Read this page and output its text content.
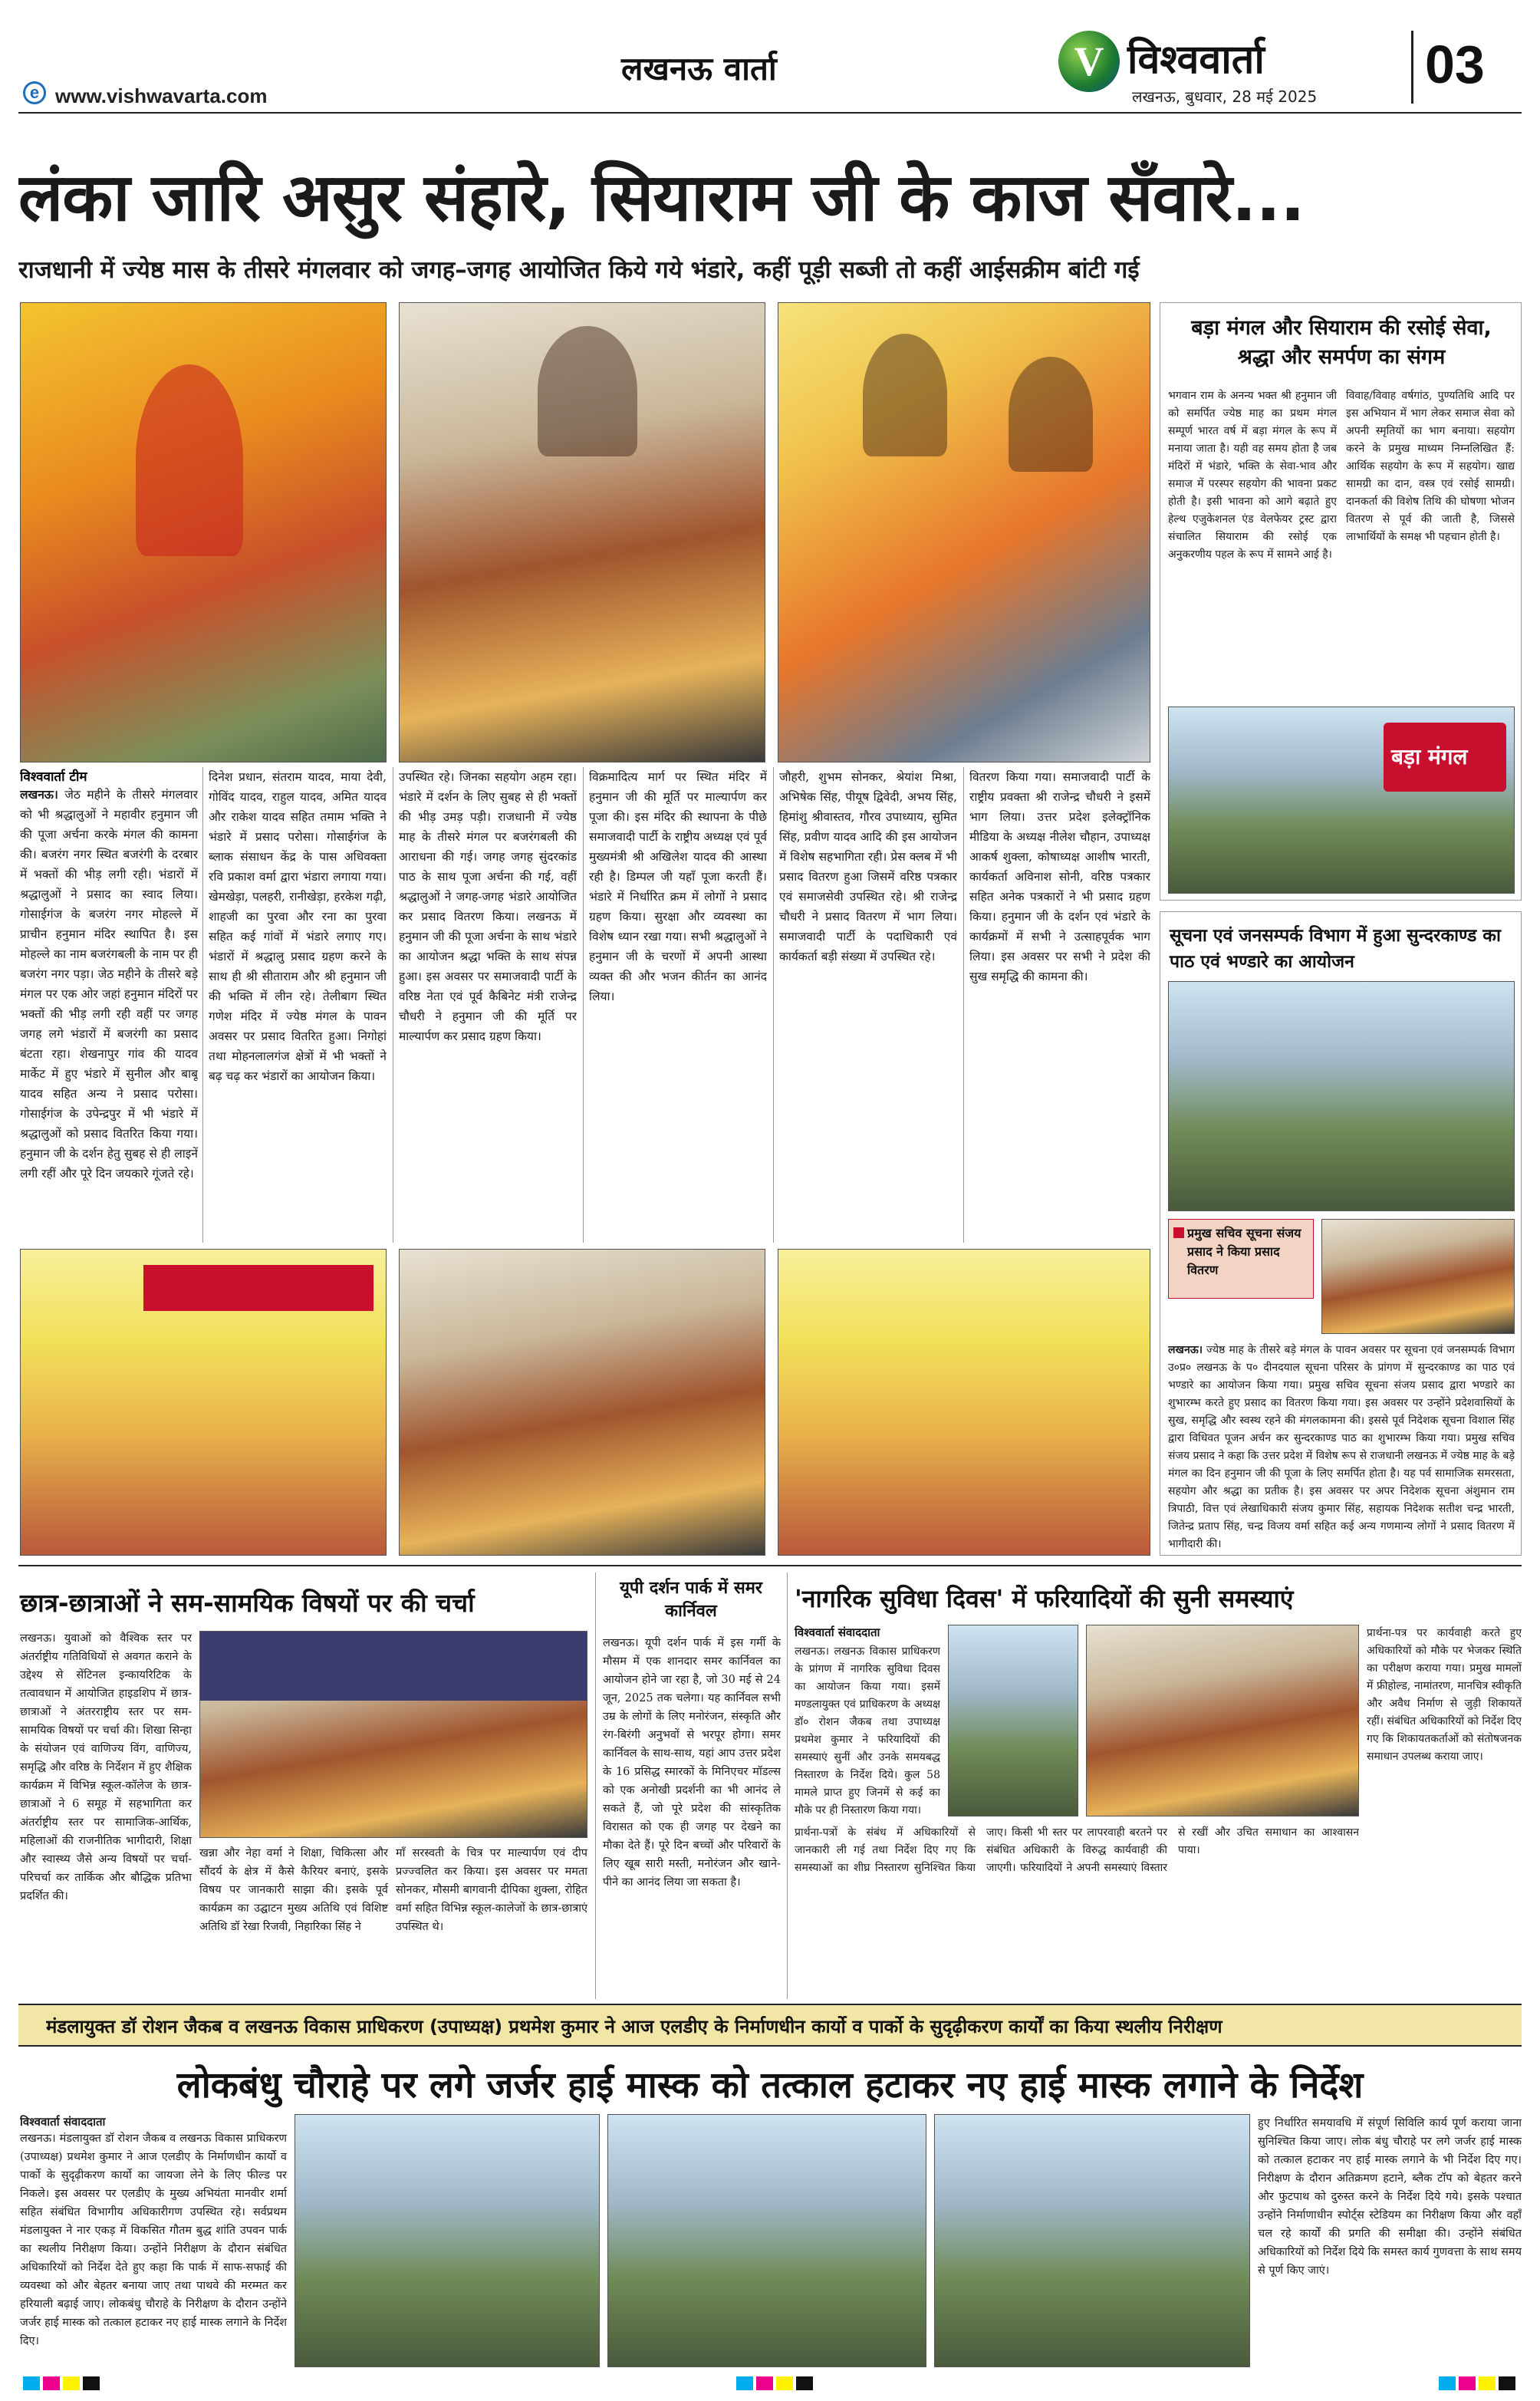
e www.vishwavarta.com
लखनऊ वार्ता	V विश्ववार्ता
लखनऊ, बुधवार, 28 मई 2025
03
लंका जारि असुर संहारे, सियाराम जी के काज सँवारे...
राजधानी में ज्येष्ठ मास के तीसरे मंगलवार को जगह–जगह आयोजित किये गये भंडारे, कहीं पूड़ी सब्जी तो कहीं आईसक्रीम बांटी गई
विश्ववार्ता टीम
लखनऊ। जेठ महीने के तीसरे मंगलवार को भी श्रद्धालुओं ने महावीर हनुमान जी की पूजा अर्चना करके मंगल की कामना की। बजरंग नगर स्थित बजरंगी के दरबार में भक्तों की भीड़ लगी रही। भंडारों में श्रद्धालुओं ने प्रसाद का स्वाद लिया। गोसाईगंज के बजरंग नगर मोहल्ले में प्राचीन हनुमान मंदिर स्थापित है। इस मोहल्ले का नाम बजरंगबली के नाम पर ही बजरंग नगर पड़ा। जेठ महीने के तीसरे बड़े मंगल पर एक ओर जहां हनुमान मंदिरों पर भक्तों की भीड़ लगी रही वहीं पर जगह जगह लगे भंडारों में बजरंगी का प्रसाद बंटता रहा। शेखनापुर गांव की यादव मार्केट में हुए भंडारे में सुनील और बाबू यादव सहित अन्य ने प्रसाद परोसा। गोसाईगंज के उपेन्द्रपुर में भी भंडारे में श्रद्धालुओं को प्रसाद वितरित किया गया। हनुमान जी के दर्शन हेतु सुबह से ही लाइनें लगी रहीं और पूरे दिन जयकारे गूंजते रहे।
दिनेश प्रधान, संतराम यादव, माया देवी, गोविंद यादव, राहुल यादव, अमित यादव और राकेश यादव सहित तमाम भक्ति ने भंडारे में प्रसाद परोसा। गोसाईगंज के ब्लाक संसाधन केंद्र के पास अधिवक्ता रवि प्रकाश वर्मा द्वारा भंडारा लगाया गया। खेमखेड़ा, पलहरी, रानीखेड़ा, हरकेश गढ़ी, शाहजी का पुरवा और रना का पुरवा सहित कई गांवों में भंडारे लगाए गए। भंडारों में श्रद्धालु प्रसाद ग्रहण करने के साथ ही श्री सीताराम और श्री हनुमान जी की भक्ति में लीन रहे। तेलीबाग स्थित गणेश मंदिर में ज्येष्ठ मंगल के पावन अवसर पर प्रसाद वितरित हुआ। निगोहां तथा मोहनलालगंज क्षेत्रों में भी भक्तों ने बढ़ चढ़ कर भंडारों का आयोजन किया।
उपस्थित रहे। जिनका सहयोग अहम रहा। भंडारे में दर्शन के लिए सुबह से ही भक्तों की भीड़ उमड़ पड़ी। राजधानी में ज्येष्ठ माह के तीसरे मंगल पर बजरंगबली की आराधना की गई। जगह जगह सुंदरकांड पाठ के साथ पूजा अर्चना की गई, वहीं श्रद्धालुओं ने जगह-जगह भंडारे आयोजित कर प्रसाद वितरण किया। लखनऊ में हनुमान जी की पूजा अर्चना के साथ भंडारे का आयोजन श्रद्धा भक्ति के साथ संपन्न हुआ। इस अवसर पर समाजवादी पार्टी के वरिष्ठ नेता एवं पूर्व कैबिनेट मंत्री राजेन्द्र चौधरी ने हनुमान जी की मूर्ति पर माल्यार्पण कर प्रसाद ग्रहण किया।
विक्रमादित्य मार्ग पर स्थित मंदिर में हनुमान जी की मूर्ति पर माल्यार्पण कर पूजा की। इस मंदिर की स्थापना के पीछे समाजवादी पार्टी के राष्ट्रीय अध्यक्ष एवं पूर्व मुख्यमंत्री श्री अखिलेश यादव की आस्था रही है। डिम्पल जी यहाँ पूजा करती हैं। भंडारे में निर्धारित क्रम में लोगों ने प्रसाद ग्रहण किया। सुरक्षा और व्यवस्था का विशेष ध्यान रखा गया। सभी श्रद्धालुओं ने हनुमान जी के चरणों में अपनी आस्था व्यक्त की और भजन कीर्तन का आनंद लिया।
जौहरी, शुभम सोनकर, श्रेयांश मिश्रा, अभिषेक सिंह, पीयूष द्विवेदी, अभय सिंह, हिमांशु श्रीवास्तव, गौरव उपाध्याय, सुमित सिंह, प्रवीण यादव आदि की इस आयोजन में विशेष सहभागिता रही। प्रेस क्लब में भी प्रसाद वितरण हुआ जिसमें वरिष्ठ पत्रकार एवं समाजसेवी उपस्थित रहे। श्री राजेन्द्र चौधरी ने प्रसाद वितरण में भाग लिया। समाजवादी पार्टी के पदाधिकारी एवं कार्यकर्ता बड़ी संख्या में उपस्थित रहे।
वितरण किया गया। समाजवादी पार्टी के राष्ट्रीय प्रवक्ता श्री राजेन्द्र चौधरी ने इसमें भाग लिया। उत्तर प्रदेश इलेक्ट्रॉनिक मीडिया के अध्यक्ष नीलेश चौहान, उपाध्यक्ष आकर्ष शुक्ला, कोषाध्यक्ष आशीष भारती, कार्यकर्ता अविनाश सोनी, वरिष्ठ पत्रकार सहित अनेक पत्रकारों ने भी प्रसाद ग्रहण किया। हनुमान जी के दर्शन एवं भंडारे के कार्यक्रमों में सभी ने उत्साहपूर्वक भाग लिया। इस अवसर पर सभी ने प्रदेश की सुख समृद्धि की कामना की।
बड़ा मंगल और सियाराम की रसोई सेवा, श्रद्धा और समर्पण का संगम
भगवान राम के अनन्य भक्त श्री हनुमान जी को समर्पित ज्येष्ठ माह का प्रथम मंगल सम्पूर्ण भारत वर्ष में बड़ा मंगल के रूप में मनाया जाता है। यही वह समय होता है जब मंदिरों में भंडारे, भक्ति के सेवा-भाव और समाज में परस्पर सहयोग की भावना प्रकट होती है। इसी भावना को आगे बढ़ाते हुए हेल्थ एजुकेशनल एंड वेलफेयर ट्रस्ट द्वारा संचालित सियाराम की रसोई एक अनुकरणीय पहल के रूप में सामने आई है।
विवाह/विवाह वर्षगांठ, पुण्यतिथि आदि पर इस अभियान में भाग लेकर समाज सेवा को अपनी स्मृतियों का भाग बनाया। सहयोग करने के प्रमुख माध्यम निम्नलिखित हैं: आर्थिक सहयोग के रूप में सहयोग। खाद्य सामग्री का दान, वस्त्र एवं रसोई सामग्री। दानकर्ता की विशेष तिथि की घोषणा भोजन वितरण से पूर्व की जाती है, जिससे लाभार्थियों के समक्ष भी पहचान होती है।
बड़ा मंगल
सूचना एवं जनसम्पर्क विभाग में हुआ सुन्दरकाण्ड का पाठ एवं भण्डारे का आयोजन
प्रमुख सचिव सूचना संजय प्रसाद ने किया प्रसाद वितरण
लखनऊ। ज्येष्ठ माह के तीसरे बड़े मंगल के पावन अवसर पर सूचना एवं जनसम्पर्क विभाग उ०प्र० लखनऊ के प० दीनदयाल सूचना परिसर के प्रांगण में सुन्दरकाण्ड का पाठ एवं भण्डारे का आयोजन किया गया। प्रमुख सचिव सूचना संजय प्रसाद द्वारा भण्डारे का शुभारम्भ करते हुए प्रसाद का वितरण किया गया। इस अवसर पर उन्होंने प्रदेशवासियों के सुख, समृद्धि और स्वस्थ रहने की मंगलकामना की। इससे पूर्व निदेशक सूचना विशाल सिंह द्वारा विधिवत पूजन अर्चन कर सुन्दरकाण्ड पाठ का शुभारम्भ किया गया। प्रमुख सचिव संजय प्रसाद ने कहा कि उत्तर प्रदेश में विशेष रूप से राजधानी लखनऊ में ज्येष्ठ माह के बड़े मंगल का दिन हनुमान जी की पूजा के लिए समर्पित होता है। यह पर्व सामाजिक समरसता, सहयोग और श्रद्धा का प्रतीक है। इस अवसर पर अपर निदेशक सूचना अंशुमान राम त्रिपाठी, वित्त एवं लेखाधिकारी संजय कुमार सिंह, सहायक निदेशक सतीश चन्द्र भारती, जितेन्द्र प्रताप सिंह, चन्द्र विजय वर्मा सहित कई अन्य गणमान्य लोगों ने प्रसाद वितरण में भागीदारी की।
छात्र-छात्राओं ने सम-सामयिक विषयों पर की चर्चा
लखनऊ। युवाओं को वैश्विक स्तर पर अंतर्राष्ट्रीय गतिविधियों से अवगत कराने के उद्देश्य से सेंटिनल इन्कायरिटिक के तत्वावधान में आयोजित हाइडशिप में छात्र-छात्राओं ने अंतरराष्ट्रीय स्तर पर सम-सामयिक विषयों पर चर्चा की। शिखा सिन्हा के संयोजन एवं वाणिज्य विंग, वाणिज्य, समृद्धि और वरिष्ठ के निर्देशन में हुए शैक्षिक कार्यक्रम में विभिन्न स्कूल-कॉलेज के छात्र-छात्राओं ने 6 समूह में सहभागिता कर अंतर्राष्ट्रीय स्तर पर सामाजिक-आर्थिक, महिलाओं की राजनीतिक भागीदारी, शिक्षा और स्वास्थ्य जैसे अन्य विषयों पर चर्चा-परिचर्चा कर तार्किक और बौद्धिक प्रतिभा प्रदर्शित की।
खन्ना और नेहा वर्मा ने शिक्षा, चिकित्सा और सौंदर्य के क्षेत्र में कैसे कैरियर बनाएं, इसके विषय पर जानकारी साझा की। इसके पूर्व कार्यक्रम का उद्घाटन मुख्य अतिथि एवं विशिष्ट अतिथि डॉ रेखा रिजवी, निहारिका सिंह ने
माँ सरस्वती के चित्र पर माल्यार्पण एवं दीप प्रज्ज्वलित कर किया। इस अवसर पर ममता सोनकर, मौसमी बागवानी दीपिका शुक्ला, रोहित वर्मा सहित विभिन्न स्कूल-कालेजों के छात्र-छात्राएं उपस्थित थे।
यूपी दर्शन पार्क में समर कार्निवल
लखनऊ। यूपी दर्शन पार्क में इस गर्मी के मौसम में एक शानदार समर कार्निवल का आयोजन होने जा रहा है, जो 30 मई से 24 जून, 2025 तक चलेगा। यह कार्निवल सभी उम्र के लोगों के लिए मनोरंजन, संस्कृति और रंग-बिरंगी अनुभवों से भरपूर होगा। समर कार्निवल के साथ-साथ, यहां आप उत्तर प्रदेश के 16 प्रसिद्ध स्मारकों के मिनिएचर मॉडल्स को एक अनोखी प्रदर्शनी का भी आनंद ले सकते हैं, जो पूरे प्रदेश की सांस्कृतिक विरासत को एक ही जगह पर देखने का मौका देते हैं। पूरे दिन बच्चों और परिवारों के लिए खूब सारी मस्ती, मनोरंजन और खाने-पीने का आनंद लिया जा सकता है।
'नागरिक सुविधा दिवस' में फरियादियों की सुनी समस्याएं
विश्ववार्ता संवाददाता
लखनऊ। लखनऊ विकास प्राधिकरण के प्रांगण में नागरिक सुविधा दिवस का आयोजन किया गया। इसमें मण्डलायुक्त एवं प्राधिकरण के अध्यक्ष डॉ० रोशन जैकब तथा उपाध्यक्ष प्रथमेश कुमार ने फरियादियों की समस्याएं सुनीं और उनके समयबद्ध निस्तारण के निर्देश दिये। कुल 58 मामले प्राप्त हुए जिनमें से कई का मौके पर ही निस्तारण किया गया।
प्रार्थना-पत्र पर कार्यवाही करते हुए अधिकारियों को मौके पर भेजकर स्थिति का परीक्षण कराया गया। प्रमुख मामलों में फ्रीहोल्ड, नामांतरण, मानचित्र स्वीकृति और अवैध निर्माण से जुड़ी शिकायतें रहीं। संबंधित अधिकारियों को निर्देश दिए गए कि शिकायतकर्ताओं को संतोषजनक समाधान उपलब्ध कराया जाए।
प्रार्थना-पत्रों के संबंध में अधिकारियों से जानकारी ली गई तथा निर्देश दिए गए कि समस्याओं का शीघ्र निस्तारण सुनिश्चित किया जाए। किसी भी स्तर पर लापरवाही बरतने पर संबंधित अधिकारी के विरुद्ध कार्यवाही की जाएगी। फरियादियों ने अपनी समस्याएं विस्तार से रखीं और उचित समाधान का आश्वासन पाया।
मंडलायुक्त डॉ रोशन जैकब व लखनऊ विकास प्राधिकरण (उपाध्यक्ष) प्रथमेश कुमार ने आज एलडीए के निर्माणधीन कार्यो व पार्को के सुदृढ़ीकरण कार्यों का किया स्थलीय निरीक्षण
लोकबंधु चौराहे पर लगे जर्जर हाई मास्क को तत्काल हटाकर नए हाई मास्क लगाने के निर्देश
विश्ववार्ता संवाददाता
लखनऊ। मंडलायुक्त डॉ रोशन जैकब व लखनऊ विकास प्राधिकरण (उपाध्यक्ष) प्रथमेश कुमार ने आज एलडीए के निर्माणधीन कार्यो व पार्को के सुदृढ़ीकरण कार्यो का जायजा लेने के लिए फील्ड पर निकले। इस अवसर पर एलडीए के मुख्य अभियंता मानवीर शर्मा सहित संबंधित विभागीय अधिकारीगण उपस्थित रहे। सर्वप्रथम मंडलायुक्त ने नार एकड़ में विकसित गौतम बुद्ध शांति उपवन पार्क का स्थलीय निरीक्षण किया। उन्होंने निरीक्षण के दौरान संबंधित अधिकारियों को निर्देश देते हुए कहा कि पार्क में साफ-सफाई की व्यवस्था को और बेहतर बनाया जाए तथा पाथवे की मरम्मत कर हरियाली बढ़ाई जाए। लोकबंधु चौराहे के निरीक्षण के दौरान उन्होंने जर्जर हाई मास्क को तत्काल हटाकर नए हाई मास्क लगाने के निर्देश दिए।
हुए निर्धारित समयावधि में संपूर्ण सिविलि कार्य पूर्ण कराया जाना सुनिश्चित किया जाए। लोक बंधु चौराहे पर लगे जर्जर हाई मास्क को तत्काल हटाकर नए हाई मास्क लगाने के भी निर्देश दिए गए। निरीक्षण के दौरान अतिक्रमण हटाने, ब्लैक टॉप को बेहतर करने और फुटपाथ को दुरुस्त करने के निर्देश दिये गये। इसके पश्चात उन्होंने निर्माणाधीन स्पोर्ट्स स्टेडियम का निरीक्षण किया और वहाँ चल रहे कार्यों की प्रगति की समीक्षा की। उन्होंने संबंधित अधिकारियों को निर्देश दिये कि समस्त कार्य गुणवत्ता के साथ समय से पूर्ण किए जाएं।
